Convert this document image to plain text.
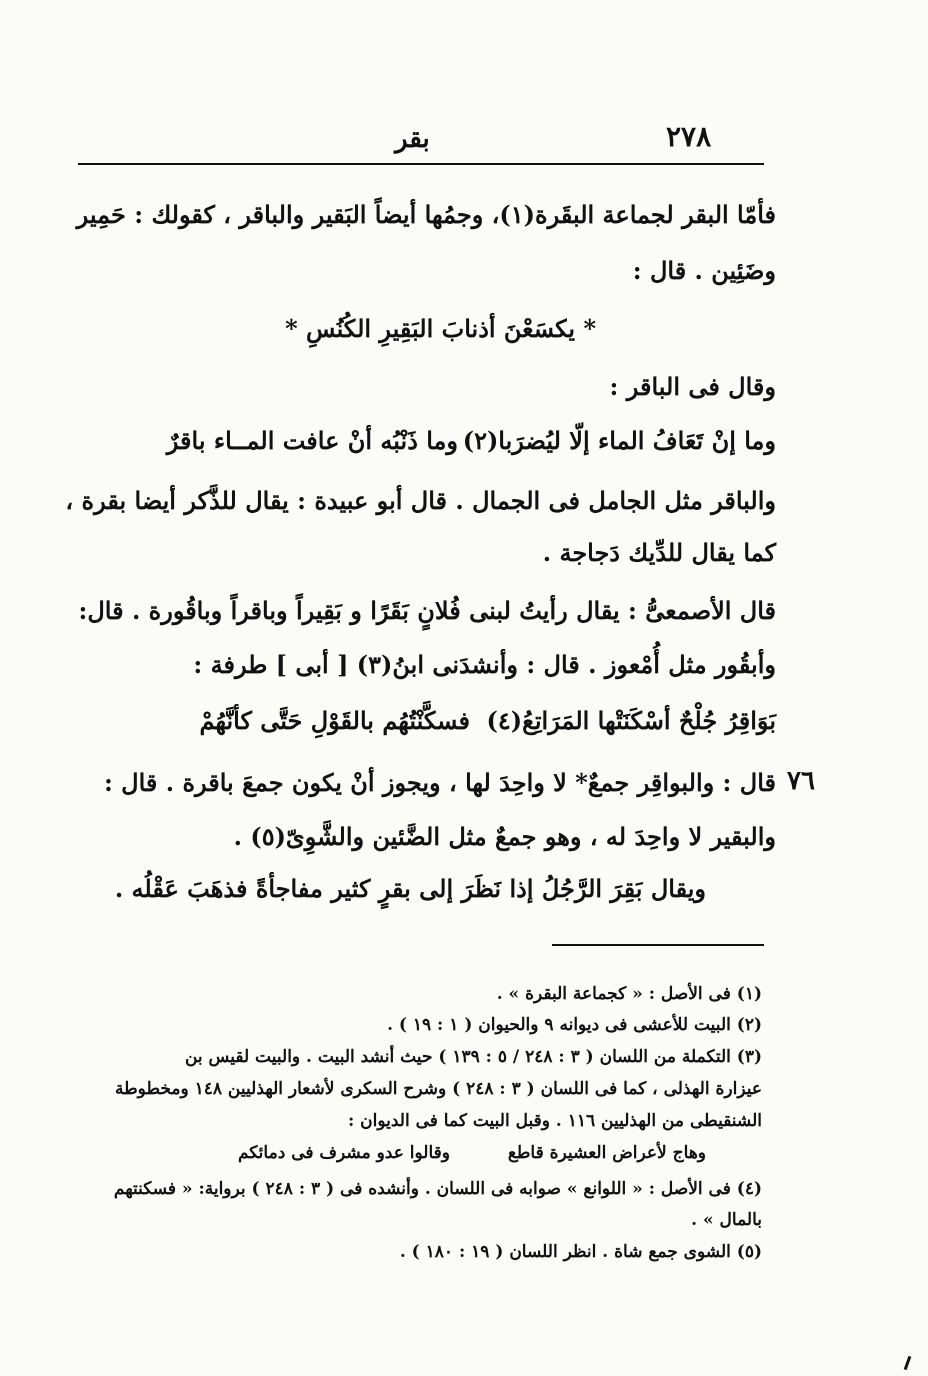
٢٧٨
بقر
فأمّا البقر لجماعة البقَرة(١)، وجمُها أيضاً البَقير والباقر ، كقولك : حَمِير
وضَئِين . قال :
* يكسَعْنَ أذنابَ البَقِيرِ الكُنُسِ *
وقال فى الباقر :
وما ذَنْبُه أنْ عافت المــاء باقرٌ وما إنْ تَعَافُ الماء إلّا ليُضرَبا(٢)
والباقر مثل الجامل فى الجمال . قال أبو عبيدة : يقال للذَّكر أيضا بقرة ،
كما يقال للدِّيك دَجاجة .
قال الأصمعىُّ : يقال رأيتُ لبنى فُلانٍ بَقَرًا و بَقِيراً وباقراً وباقُورة . قال:
وأبقُور مثل أُمْعوز . قال : وأنشدَنى ابنُ(٣) [ أبى ] طرفة :
فسكَّنْتُهُم بالقَوْلِ حَتَّى كأنَّهُمْ بَوَاقِرُ جُلْحٌ أسْكَنَتْها المَرَاتِعُ(٤)
٧٦
قال : والبواقِر جمعٌ* لا واحِدَ لها ، ويجوز أنْ يكون جمعَ باقرة . قال :
والبقير لا واحِدَ له ، وهو جمعٌ مثل الضَّئين والشَّوِىّ(٥) .
ويقال بَقِرَ الرَّجُلُ إذا نَظَرَ إلى بقرٍ كثير مفاجأةً فذهَبَ عَقْلُه .
(١) فى الأصل : « كجماعة البقرة » .
(٢) البيت للأعشى فى ديوانه ٩ والحيوان ( ١ : ١٩ ) .
(٣) التكملة من اللسان ( ٣ : ٢٤٨ / ٥ : ١٣٩ ) حيث أنشد البيت . والبيت لقيس بن
عيزارة الهذلى ، كما فى اللسان ( ٣ : ٢٤٨ ) وشرح السكرى لأشعار الهذليين ١٤٨ ومخطوطة
الشنقيطى من الهذليين ١١٦ . وقبل البيت كما فى الديوان :
وقالوا عدو مشرف فى دمائكم	وهاج لأعراض العشيرة قاطع
(٤) فى الأصل : « اللوانع » صوابه فى اللسان . وأنشده فى ( ٣ : ٢٤٨ ) برواية: « فسكنتهم
بالمال » .
(٥) الشوى جمع شاة . انظر اللسان ( ١٩ : ١٨٠ ) .
